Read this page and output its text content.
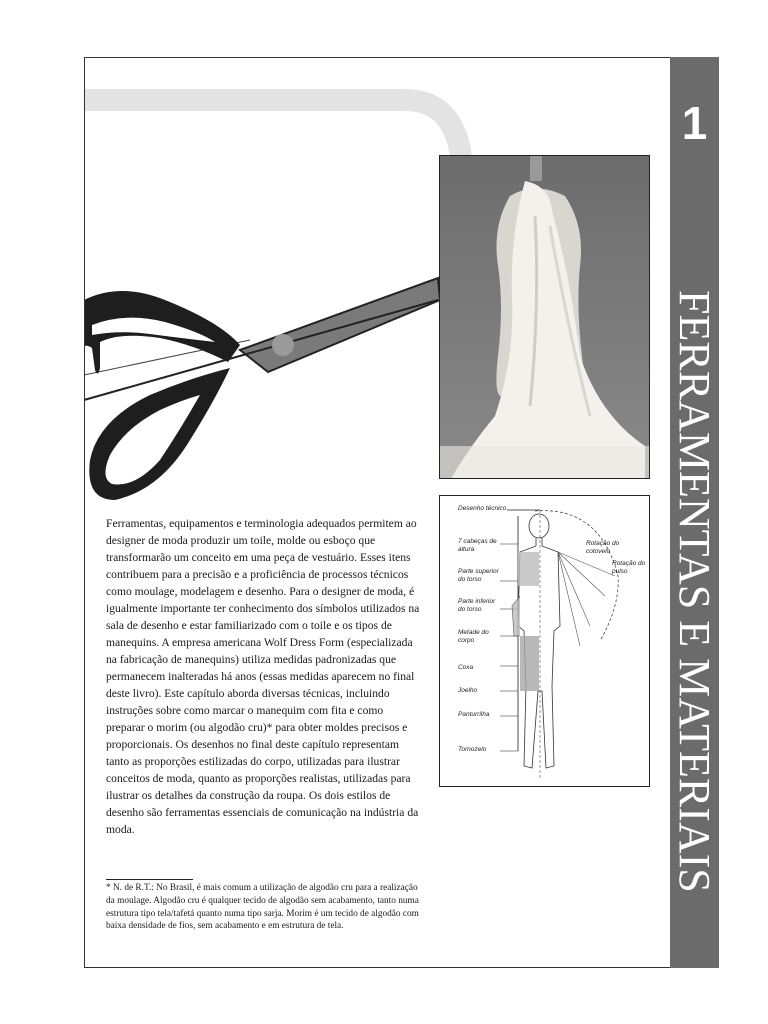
1
FERRAMENTAS E MATERIAIS
Desenho técnico
7 cabeças de altura
Parte superior do torso
Parte inferior do torso
Metade do corpo
Coxa
Joelho
Panturrilha
Tornozelo
Rotação do cotovelo
Rotação do pulso
Ferramentas, equipamentos e terminologia adequados permitem ao designer de moda produzir um toile, molde ou esboço que transformarão um conceito em uma peça de vestuário. Esses itens contribuem para a precisão e a proficiência de processos técnicos como moulage, modelagem e desenho. Para o designer de moda, é igualmente importante ter conhecimento dos símbolos utilizados na sala de desenho e estar familiarizado com o toile e os tipos de manequins. A empresa americana Wolf Dress Form (especializada na fabricação de manequins) utiliza medidas padronizadas que permanecem inalteradas há anos (essas medidas aparecem no final deste livro). Este capítulo aborda diversas técnicas, incluindo instruções sobre como marcar o manequim com fita e como preparar o morim (ou algodão cru)* para obter moldes precisos e proporcionais. Os desenhos no final deste capítulo representam tanto as proporções estilizadas do corpo, utilizadas para ilustrar conceitos de moda, quanto as proporções realistas, utilizadas para ilustrar os detalhes da construção da roupa. Os dois estilos de desenho são ferramentas essenciais de comunicação na indústria da moda.
* N. de R.T.: No Brasil, é mais comum a utilização de algodão cru para a realização da moulage. Algodão cru é qualquer tecido de algodão sem acabamento, tanto numa estrutura tipo tela/tafetá quanto numa tipo sarja. Morim é um tecido de algodão com baixa densidade de fios, sem acabamento e em estrutura de tela.
